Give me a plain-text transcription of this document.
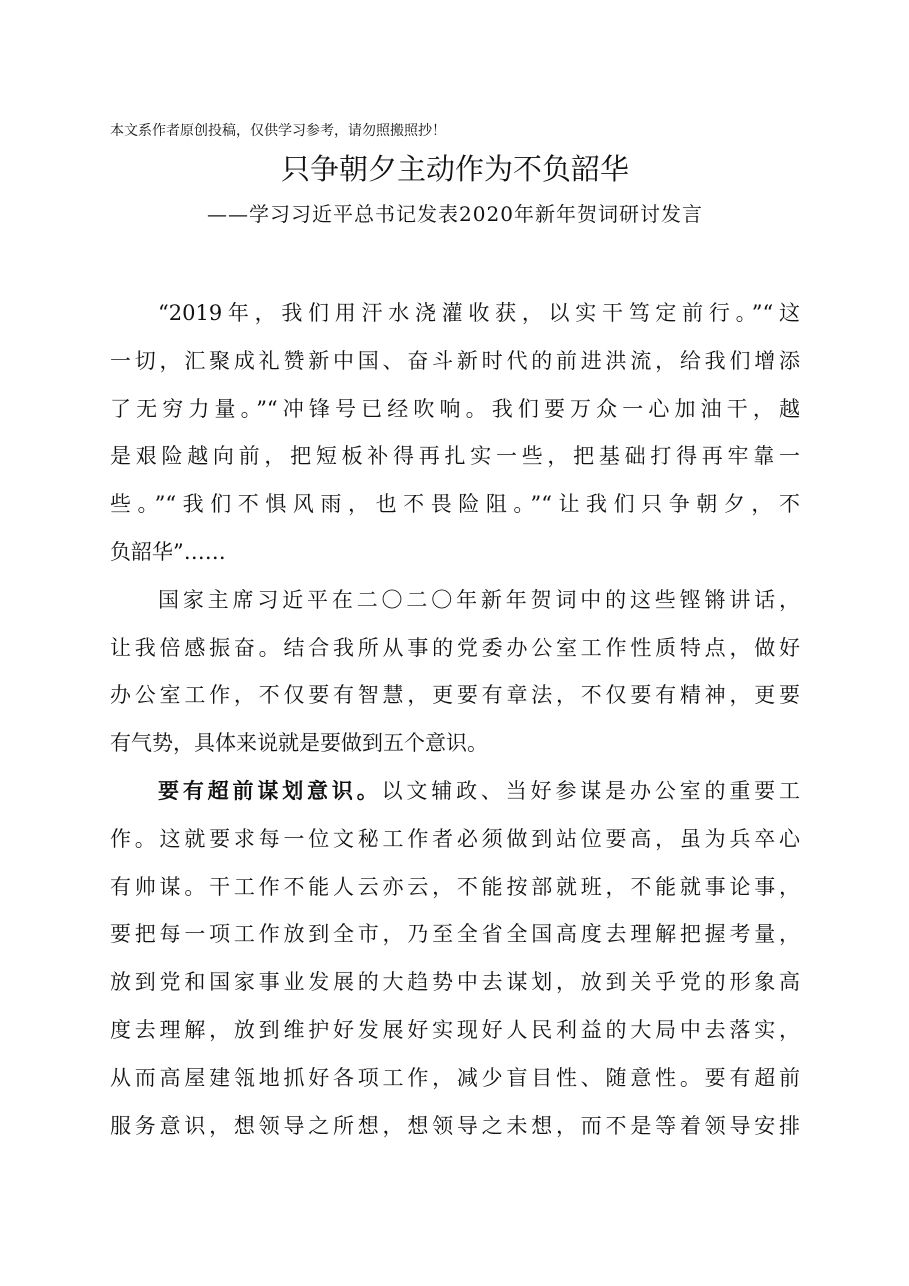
本文系作者原创投稿，仅供学习参考，请勿照搬照抄！
只争朝夕主动作为不负韶华
——学习习近平总书记发表2020年新年贺词研讨发言

“2019年，我们用汗水浇灌收获，以实干笃定前行。”“这
一切，汇聚成礼赞新中国、奋斗新时代的前进洪流，给我们增添
了无穷力量。”“冲锋号已经吹响。我们要万众一心加油干，越
是艰险越向前，把短板补得再扎实一些，把基础打得再牢靠一
些。”“我们不惧风雨，也不畏险阻。”“让我们只争朝夕，不
负韶华”……

国家主席习近平在二〇二〇年新年贺词中的这些铿锵讲话，
让我倍感振奋。结合我所从事的党委办公室工作性质特点，做好
办公室工作，不仅要有智慧，更要有章法，不仅要有精神，更要
有气势，具体来说就是要做到五个意识。

要有超前谋划意识。以文辅政、当好参谋是办公室的重要工
作。这就要求每一位文秘工作者必须做到站位要高，虽为兵卒心
有帅谋。干工作不能人云亦云，不能按部就班，不能就事论事，
要把每一项工作放到全市，乃至全省全国高度去理解把握考量，
放到党和国家事业发展的大趋势中去谋划，放到关乎党的形象高
度去理解，放到维护好发展好实现好人民利益的大局中去落实，
从而高屋建瓴地抓好各项工作，减少盲目性、随意性。要有超前
服务意识，想领导之所想，想领导之未想，而不是等着领导安排
